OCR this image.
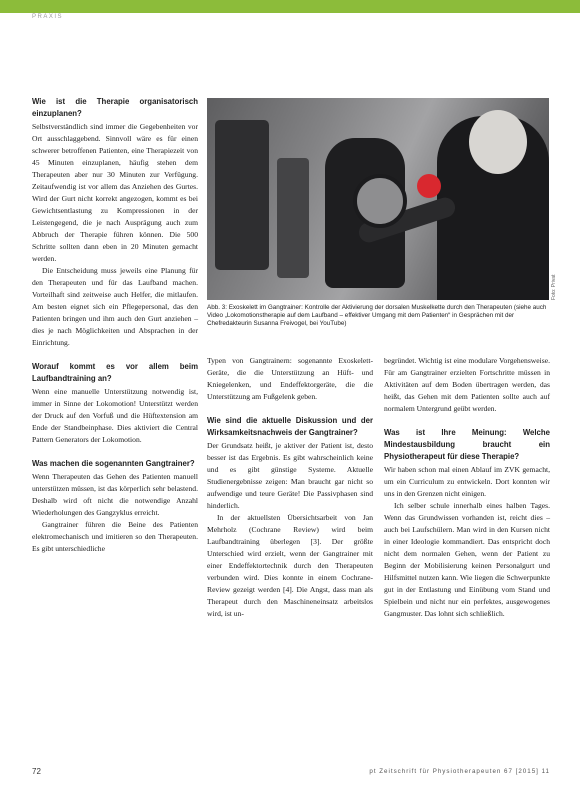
PRAXIS
Wie ist die Therapie organisatorisch einzuplanen?
Selbstverständlich sind immer die Gegebenheiten vor Ort ausschlaggebend. Sinnvoll wäre es für einen schwerer betroffenen Patienten, eine Therapiezeit von 45 Minuten einzuplanen, häufig stehen dem Therapeuten aber nur 30 Minuten zur Verfügung. Zeitaufwendig ist vor allem das Anziehen des Gurtes. Wird der Gurt nicht korrekt angezogen, kommt es bei Gewichtsentlastung zu Kompressionen in der Leistengegend, die je nach Ausprägung auch zum Abbruch der Therapie führen können. Die 500 Schritte sollten dann eben in 20 Minuten gemacht werden.
Die Entscheidung muss jeweils eine Planung für den Therapeuten und für das Laufband machen. Vorteilhaft sind zeitweise auch Helfer, die mitlaufen. Am besten eignet sich ein Pflegepersonal, das den Patienten bringen und ihm auch den Gurt anziehen – dies je nach Möglichkeiten und Absprachen in der Einrichtung.
Worauf kommt es vor allem beim Laufbandtraining an?
Wenn eine manuelle Unterstützung notwendig ist, immer in Sinne der Lokomotion! Unterstützt werden der Druck auf den Vorfuß und die Hüftextension am Ende der Standbeinphase. Dies aktiviert die Central Pattern Generators der Lokomotion.
Was machen die sogenannten Gangtrainer?
Wenn Therapeuten das Gehen des Patienten manuell unterstützen müssen, ist das körperlich sehr belastend. Deshalb wird oft nicht die notwendige Anzahl Wiederholungen des Gangzyklus erreicht.
Gangtrainer führen die Beine des Patienten elektromechanisch und imitieren so den Therapeuten. Es gibt unterschiedliche
Foto: Privat
Abb. 3: Exoskelett im Gangtrainer: Kontrolle der Aktivierung der dorsalen Muskelkette durch den Therapeuten (siehe auch Video „Lokomotionstherapie auf dem Laufband – effektiver Umgang mit dem Patienten“ in Gesprächen mit der Chefredakteurin Susanna Freivogel, bei YouTube)
Typen von Gangtrainern: sogenannte Exoskelett-Geräte, die die Unterstützung an Hüft- und Kniegelenken, und Endeffektorgeräte, die die Unterstützung am Fußgelenk geben.
Wie sind die aktuelle Diskussion und der Wirksamkeitsnachweis der Gangtrainer?
Der Grundsatz heißt, je aktiver der Patient ist, desto besser ist das Ergebnis. Es gibt wahrscheinlich keine und es gibt günstige Systeme. Aktuelle Studienergebnisse zeigen: Man braucht gar nicht so aufwendige und teure Geräte! Die Passivphasen sind hinderlich.
In der aktuellsten Übersichtsarbeit von Jan Mehrholz (Cochrane Review) wird beim Laufbandtraining überlegen [3]. Der größte Unterschied wird erzielt, wenn der Gangtrainer mit einer Endeffektortechnik durch den Therapeuten verbunden wird. Dies konnte in einem Cochrane-Review gezeigt werden [4]. Die Angst, dass man als Therapeut durch den Maschineneinsatz arbeitslos wird, ist un-
begründet. Wichtig ist eine modulare Vorgehensweise. Für am Gangtrainer erzielten Fortschritte müssen in Aktivitäten auf dem Boden übertragen werden, das heißt, das Gehen mit dem Patienten sollte auch auf normalem Untergrund geübt werden.
Was ist Ihre Meinung: Welche Mindestausbildung braucht ein Physiotherapeut für diese Therapie?
Wir haben schon mal einen Ablauf im ZVK gemacht, um ein Curriculum zu entwickeln. Dort konnten wir uns in den Grenzen nicht einigen.
Ich selber schule innerhalb eines halben Tages. Wenn das Grundwissen vorhanden ist, reicht dies – auch bei Laufschülern. Man wird in den Kursen nicht in einer Ideologie kommandiert. Das entspricht doch nicht dem normalen Gehen, wenn der Patient zu Beginn der Mobilisierung keinen Personalgurt und Hilfsmittel nutzen kann. Wie liegen die Schwerpunkte gut in der Entlastung und Einübung vom Stand und Spielbein und nicht nur ein perfektes, ausgewogenes Gangmuster. Das lohnt sich schließlich.
72	pt Zeitschrift für Physiotherapeuten 67 [2015] 11
